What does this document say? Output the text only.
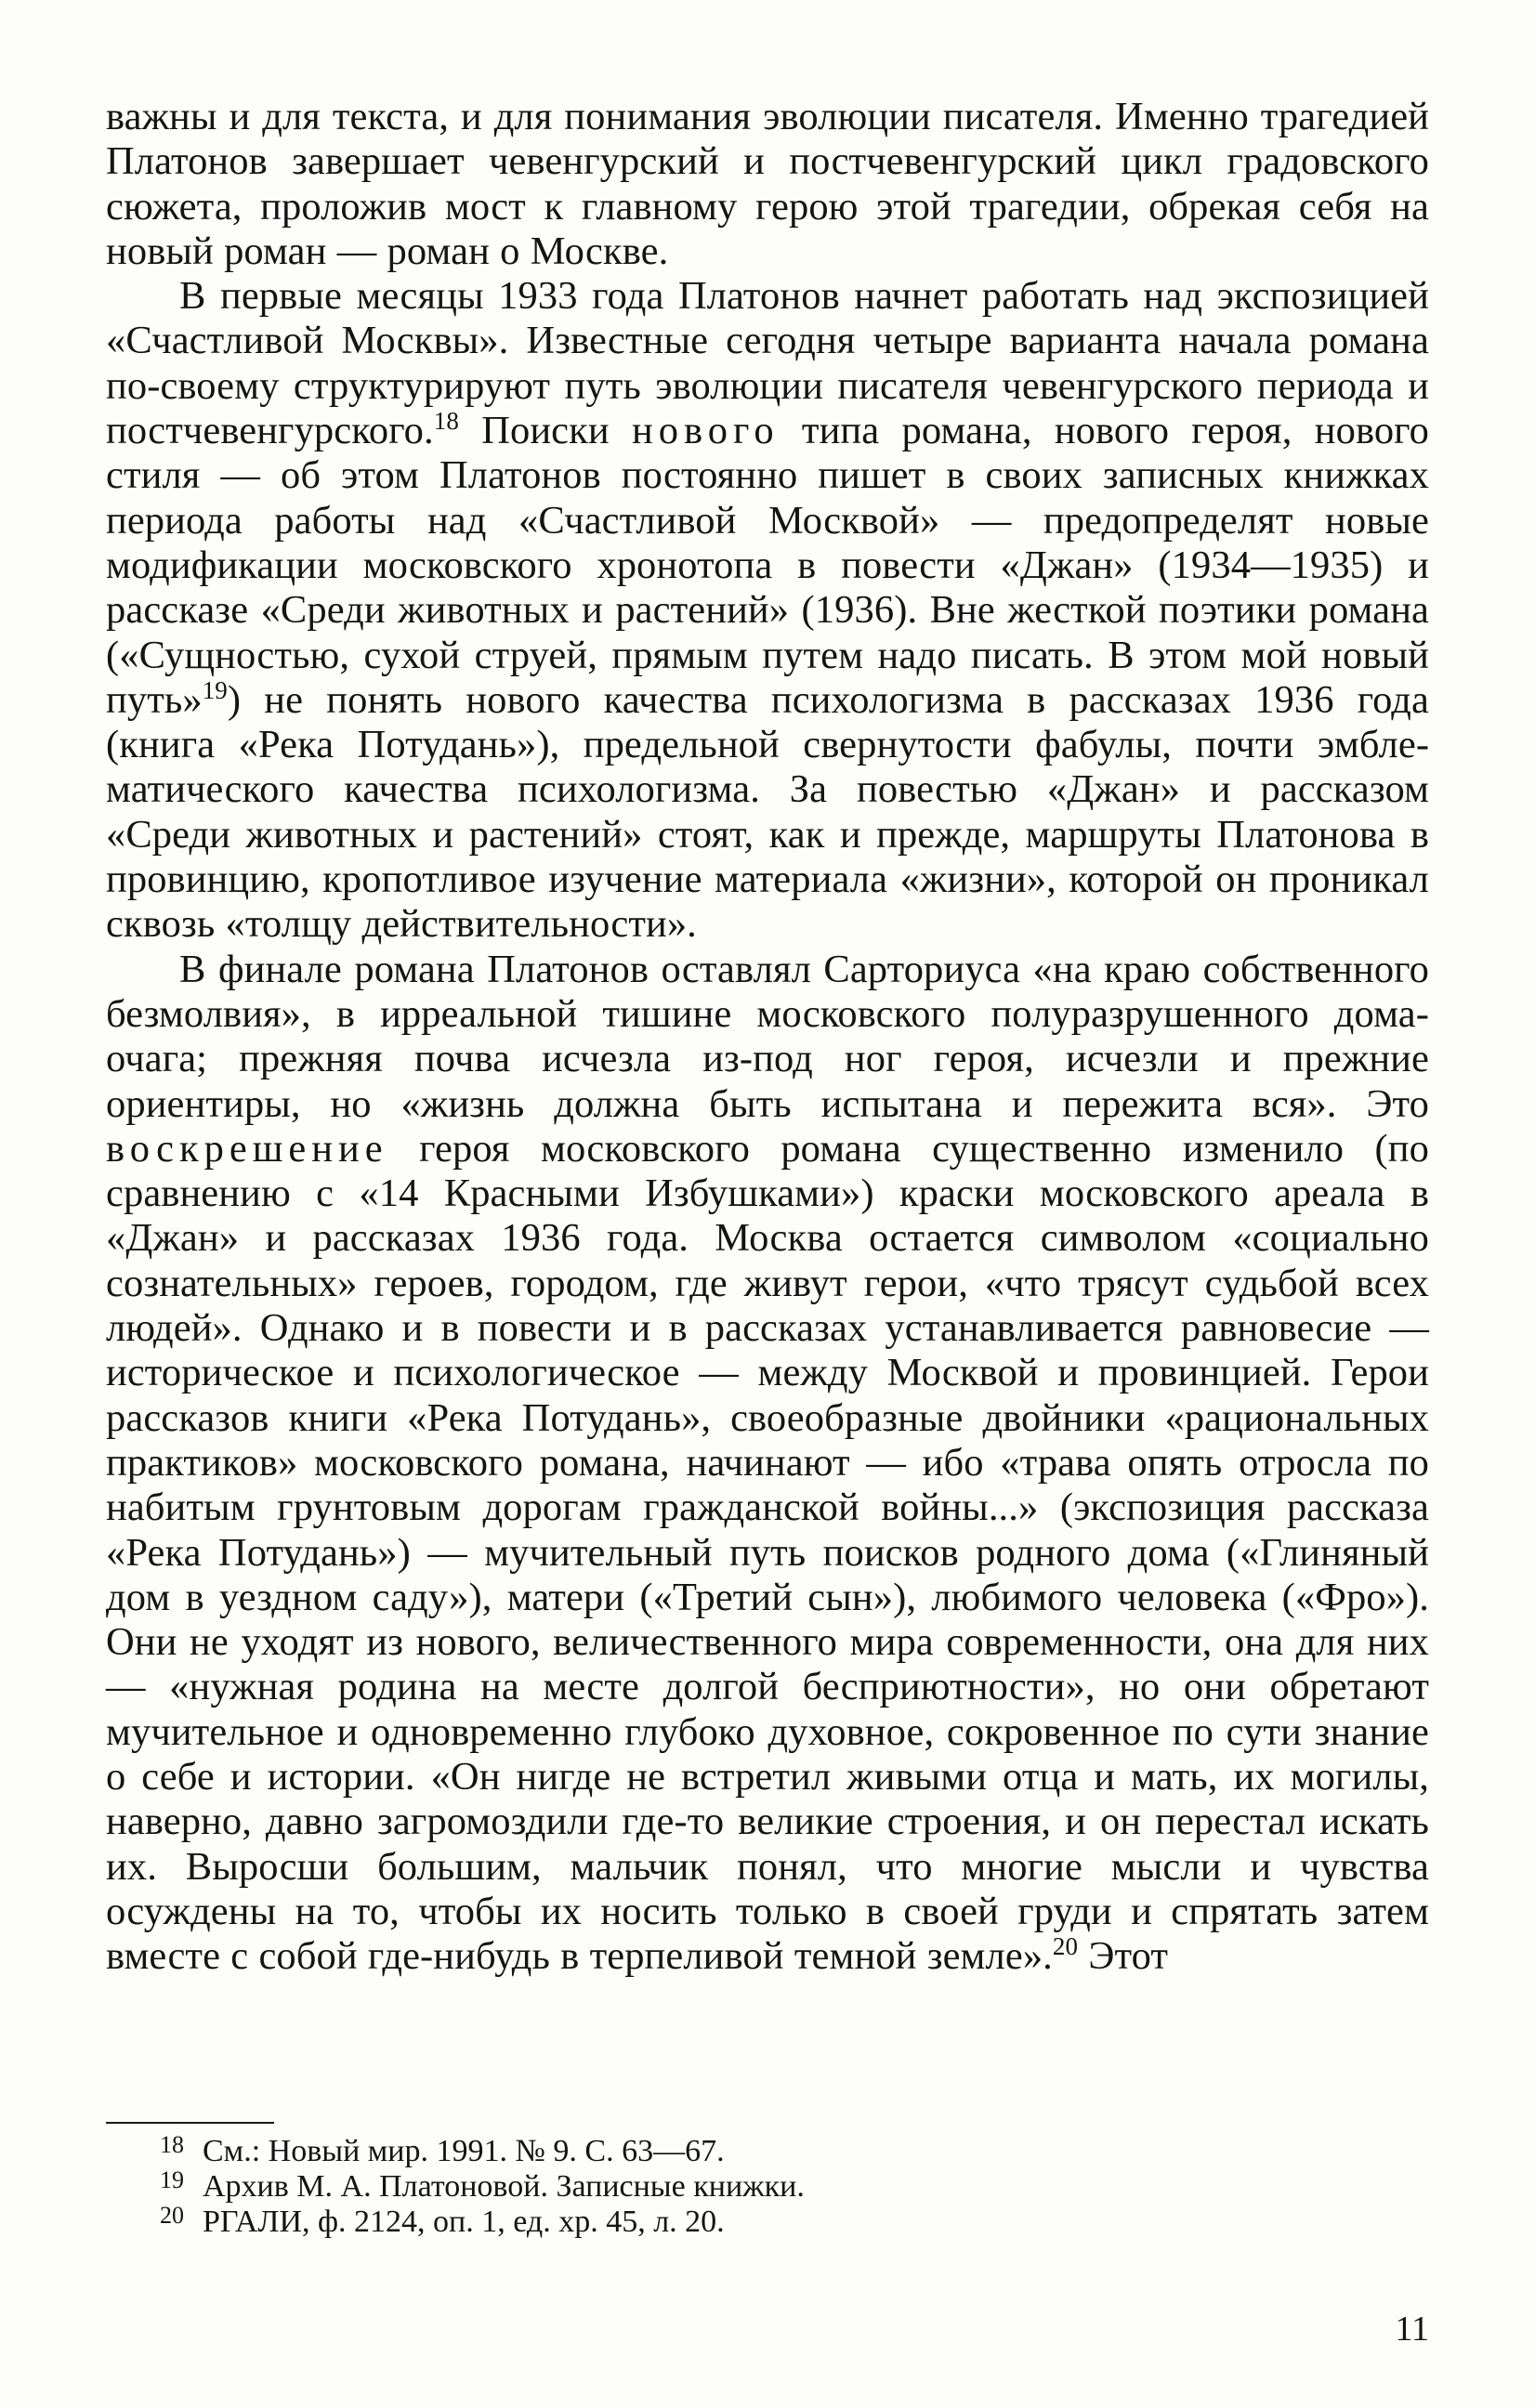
важны и для текста, и для понимания эволюции писателя. Именно трагедией Платонов завершает чевенгурский и постчевенгурский цикл градовского сюжета, проложив мост к главному герою этой трагедии, обрекая себя на новый роман — роман о Москве.

В первые месяцы 1933 года Платонов начнет работать над экспозицией «Счастливой Москвы». Известные сегодня четыре варианта начала романа по-своему структурируют путь эволюции писателя чевенгурского периода и постчевенгурского.$^{18}$ Поиски нового типа романа, нового героя, нового стиля — об этом Платонов постоянно пишет в своих записных книжках периода работы над «Счастливой Москвой» — предопределят новые модификации московского хронотопа в повести «Джан» (1934—1935) и рассказе «Среди животных и растений» (1936). Вне жесткой поэтики романа («Сущностью, сухой струей, прямым путем надо писать. В этом мой новый путь»$^{19}$) не понять нового качества психологизма в рассказах 1936 года (книга «Река Потудань»), предельной свернутости фабулы, почти эмблематического качества психологизма. За повестью «Джан» и рассказом «Среди животных и растений» стоят, как и прежде, маршруты Платонова в провинцию, кропотливое изучение материала «жизни», которой он проникал сквозь «толщу действительности».

В финале романа Платонов оставлял Сарториуса «на краю собственного безмолвия», в ирреальной тишине московского полуразрушенного дома-очага; прежняя почва исчезла из-под ног героя, исчезли и прежние ориентиры, но «жизнь должна быть испытана и пережита вся». Это воскрешение героя московского романа существенно изменило (по сравнению с «14 Красными Избушками») краски московского ареала в «Джан» и рассказах 1936 года. Москва остается символом «социально сознательных» героев, городом, где живут герои, «что трясут судьбой всех людей». Однако и в повести и в рассказах устанавливается равновесие — историческое и психологическое — между Москвой и провинцией. Герои рассказов книги «Река Потудань», своеобразные двойники «рациональных практиков» московского романа, начинают — ибо «трава опять отросла по набитым грунтовым дорогам гражданской войны...» (экспозиция рассказа «Река Потудань») — мучительный путь поисков родного дома («Глиняный дом в уездном саду»), матери («Третий сын»), любимого человека («Фро»). Они не уходят из нового, величественного мира современности, она для них — «нужная родина на месте долгой бесприютности», но они обретают мучительное и одновременно глубоко духовное, сокровенное по сути знание о себе и истории. «Он нигде не встретил живыми отца и мать, их могилы, наверно, давно загромоздили где-то великие строения, и он перестал искать их. Выросши большим, мальчик понял, что многие мысли и чувства осуждены на то, чтобы их носить только в своей груди и спрятать затем вместе с собой где-нибудь в терпеливой темной земле».$^{20}$ Этот

18 См.: Новый мир. 1991. № 9. С. 63—67.
19 Архив М. А. Платоновой. Записные книжки.
20 РГАЛИ, ф. 2124, оп. 1, ед. хр. 45, л. 20.
11
